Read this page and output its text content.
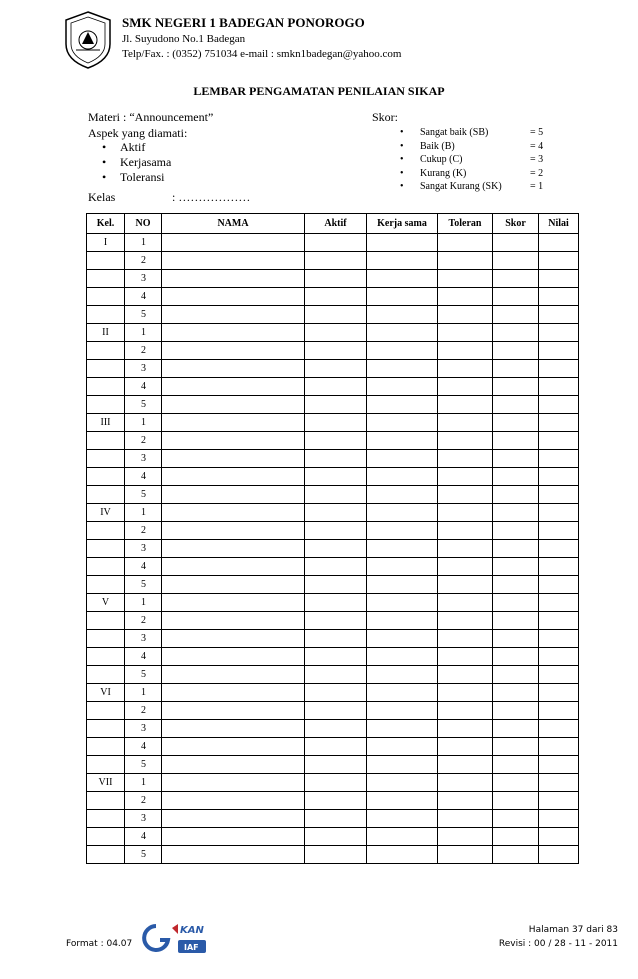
SMK NEGERI 1 BADEGAN PONOROGO
Jl. Suyudono No.1 Badegan
Telp/Fax. : (0352) 751034 e-mail : smkn1badegan@yahoo.com
LEMBAR PENGAMATAN PENILAIAN SIKAP
Materi : “Announcement”
Aspek yang diamati:
• Aktif
• Kerjasama
• Toleransi
Kelas	: ………………
Skor:
• Sangat baik (SB)	= 5
• Baik (B)	= 4
• Cukup (C)	= 3
• Kurang (K)	= 2
• Sangat Kurang (SK)	= 1
Kel.	NO	NAMA	Aktif	Kerja sama	Toleran	Skor	Nilai
I	1						
	2						
	3						
	4						
	5						
II	1						
	2						
	3						
	4						
	5						
III	1						
	2						
	3						
	4						
	5						
IV	1						
	2						
	3						
	4						
	5						
V	1						
	2						
	3						
	4						
	5						
VI	1						
	2						
	3						
	4						
	5						
VII	1						
	2						
	3						
	4						
	5						
Format : 04.07
KAN
IAF
Halaman 37 dari 83
Revisi : 00 / 28 - 11 - 2011
